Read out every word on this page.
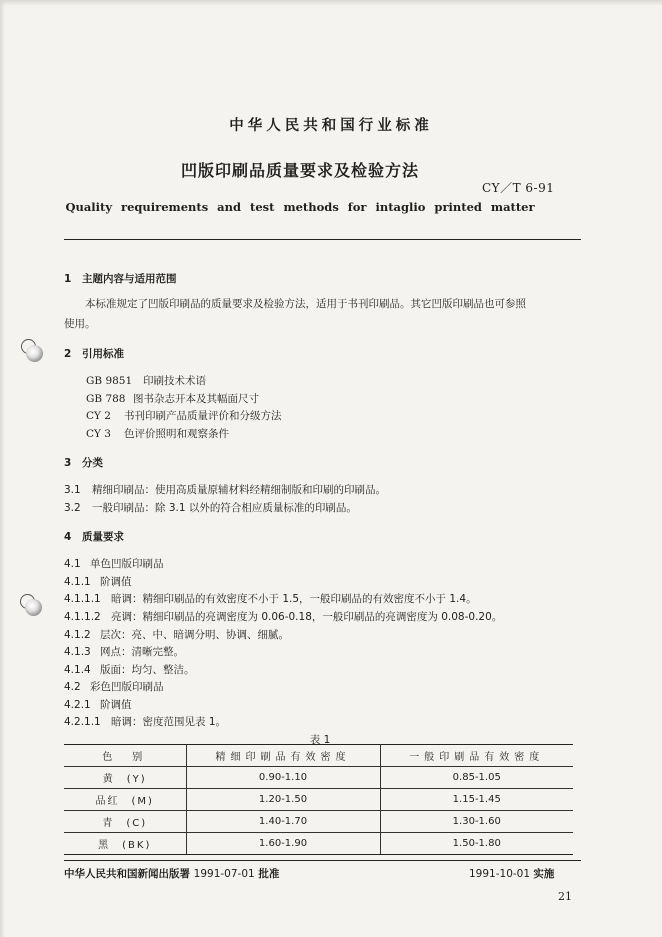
中华人民共和国行业标准
凹版印刷品质量要求及检验方法
CY／T 6-91
Quality requirements and test methods for intaglio printed matter
1 主题内容与适用范围
本标准规定了凹版印刷品的质量要求及检验方法，适用于书刊印刷品。其它凹版印刷品也可参照
使用。
2 引用标准
GB 9851 印刷技术术语
GB 788 图书杂志开本及其幅面尺寸
CY 2 书刊印刷产品质量评价和分级方法
CY 3 色评价照明和观察条件
3 分类
3.1 精细印刷品：使用高质量原辅材料经精细制版和印刷的印刷品。
3.2 一般印刷品：除 3.1 以外的符合相应质量标准的印刷品。
4 质量要求
4.1 单色凹版印刷品
4.1.1 阶调值
4.1.1.1 暗调：精细印刷品的有效密度不小于 1.5，一般印刷品的有效密度不小于 1.4。
4.1.1.2 亮调：精细印刷品的亮调密度为 0.06-0.18，一般印刷品的亮调密度为 0.08-0.20。
4.1.2 层次：亮、中、暗调分明、协调、细腻。
4.1.3 网点：清晰完整。
4.1.4 版面：均匀、整洁。
4.2 彩色凹版印刷品
4.2.1 阶调值
4.2.1.1 暗调：密度范围见表 1。
表 1
色　别	精细印刷品有效密度	一般印刷品有效密度
黄　(Y)	0.90-1.10	0.85-1.05
品红　(M)	1.20-1.50	1.15-1.45
青　(C)	1.40-1.70	1.30-1.60
黑　(BK)	1.60-1.90	1.50-1.80
中华人民共和国新闻出版署 1991-07-01 批准	1991-10-01 实施
21
